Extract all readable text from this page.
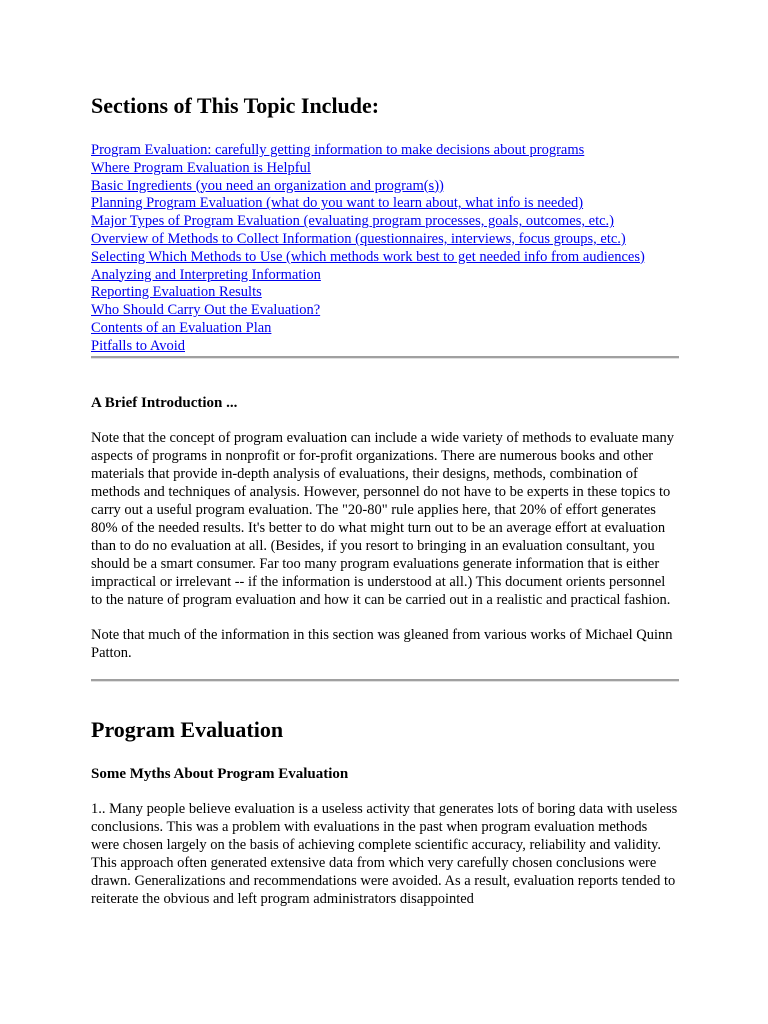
Sections of This Topic Include:
Program Evaluation: carefully getting information to make decisions about programs
Where Program Evaluation is Helpful
Basic Ingredients (you need an organization and program(s))
Planning Program Evaluation (what do you want to learn about, what info is needed)
Major Types of Program Evaluation (evaluating program processes, goals, outcomes, etc.)
Overview of Methods to Collect Information (questionnaires, interviews, focus groups, etc.)
Selecting Which Methods to Use (which methods work best to get needed info from audiences)
Analyzing and Interpreting Information
Reporting Evaluation Results
Who Should Carry Out the Evaluation?
Contents of an Evaluation Plan
Pitfalls to Avoid
A Brief Introduction ...

Note that the concept of program evaluation can include a wide variety of methods to evaluate many aspects of programs in nonprofit or for-profit organizations. There are numerous books and other materials that provide in-depth analysis of evaluations, their designs, methods, combination of methods and techniques of analysis. However, personnel do not have to be experts in these topics to carry out a useful program evaluation. The "20-80" rule applies here, that 20% of effort generates 80% of the needed results. It's better to do what might turn out to be an average effort at evaluation than to do no evaluation at all. (Besides, if you resort to bringing in an evaluation consultant, you should be a smart consumer. Far too many program evaluations generate information that is either impractical or irrelevant -- if the information is understood at all.) This document orients personnel to the nature of program evaluation and how it can be carried out in a realistic and practical fashion.

Note that much of the information in this section was gleaned from various works of Michael Quinn Patton.

Program Evaluation
Some Myths About Program Evaluation

1.. Many people believe evaluation is a useless activity that generates lots of boring data with useless conclusions. This was a problem with evaluations in the past when program evaluation methods were chosen largely on the basis of achieving complete scientific accuracy, reliability and validity. This approach often generated extensive data from which very carefully chosen conclusions were drawn. Generalizations and recommendations were avoided. As a result, evaluation reports tended to reiterate the obvious and left program administrators disappointed
